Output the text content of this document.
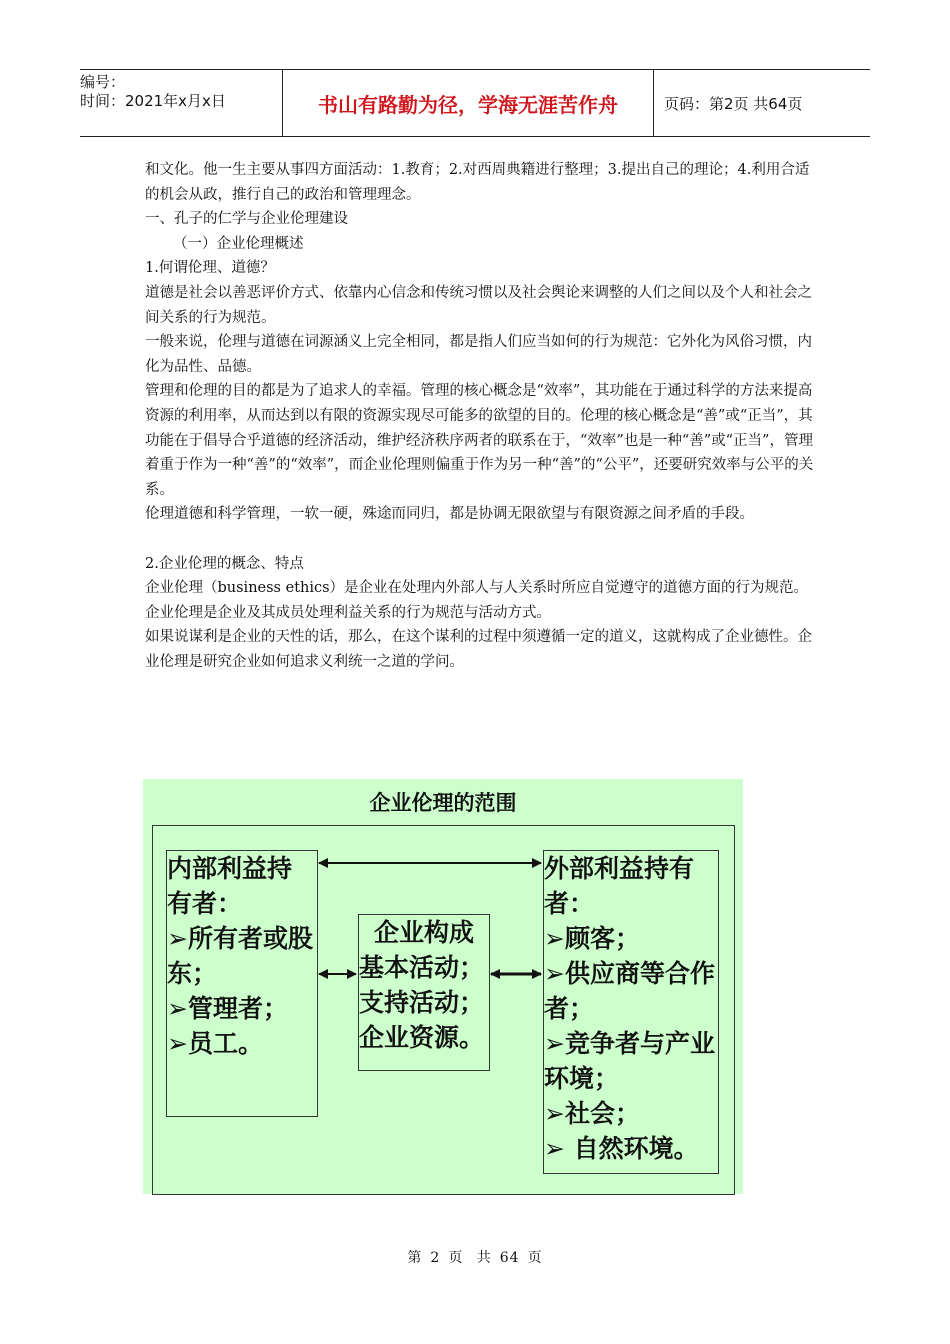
编号：
时间：2021年x月x日	书山有路勤为径，学海无涯苦作舟	页码：第2页 共64页

和文化。他一生主要从事四方面活动：1.教育；2.对西周典籍进行整理；3.提出自己的理论；4.利用合适的机会从政，推行自己的政治和管理理念。

一、孔子的仁学与企业伦理建设

（一）企业伦理概述

1.何谓伦理、道德？

道德是社会以善恶评价方式、依靠内心信念和传统习惯以及社会舆论来调整的人们之间以及个人和社会之间关系的行为规范。

一般来说，伦理与道德在词源涵义上完全相同，都是指人们应当如何的行为规范：它外化为风俗习惯，内化为品性、品德。

管理和伦理的目的都是为了追求人的幸福。管理的核心概念是“效率”，其功能在于通过科学的方法来提高资源的利用率，从而达到以有限的资源实现尽可能多的欲望的目的。伦理的核心概念是“善”或“正当”，其功能在于倡导合乎道德的经济活动，维护经济秩序两者的联系在于，“效率”也是一种“善”或“正当”，管理着重于作为一种“善”的“效率”，而企业伦理则偏重于作为另一种“善”的“公平”，还要研究效率与公平的关系。

伦理道德和科学管理，一软一硬，殊途而同归，都是协调无限欲望与有限资源之间矛盾的手段。

2.企业伦理的概念、特点

企业伦理（business ethics）是企业在处理内外部人与人关系时所应自觉遵守的道德方面的行为规范。

企业伦理是企业及其成员处理利益关系的行为规范与活动方式。

如果说谋利是企业的天性的话，那么，在这个谋利的过程中须遵循一定的道义，这就构成了企业德性。企业伦理是研究企业如何追求义利统一之道的学问。

企业伦理的范围
内部利益持
有者：
➢所有者或股
东；
➢管理者；
➢员工。
企业构成
基本活动；
支持活动；
企业资源。
外部利益持有
者：
➢顾客；
➢供应商等合作
者；
➢竞争者与产业
环境；
➢社会；
➢ 自然环境。
第 2 页 共 64 页
